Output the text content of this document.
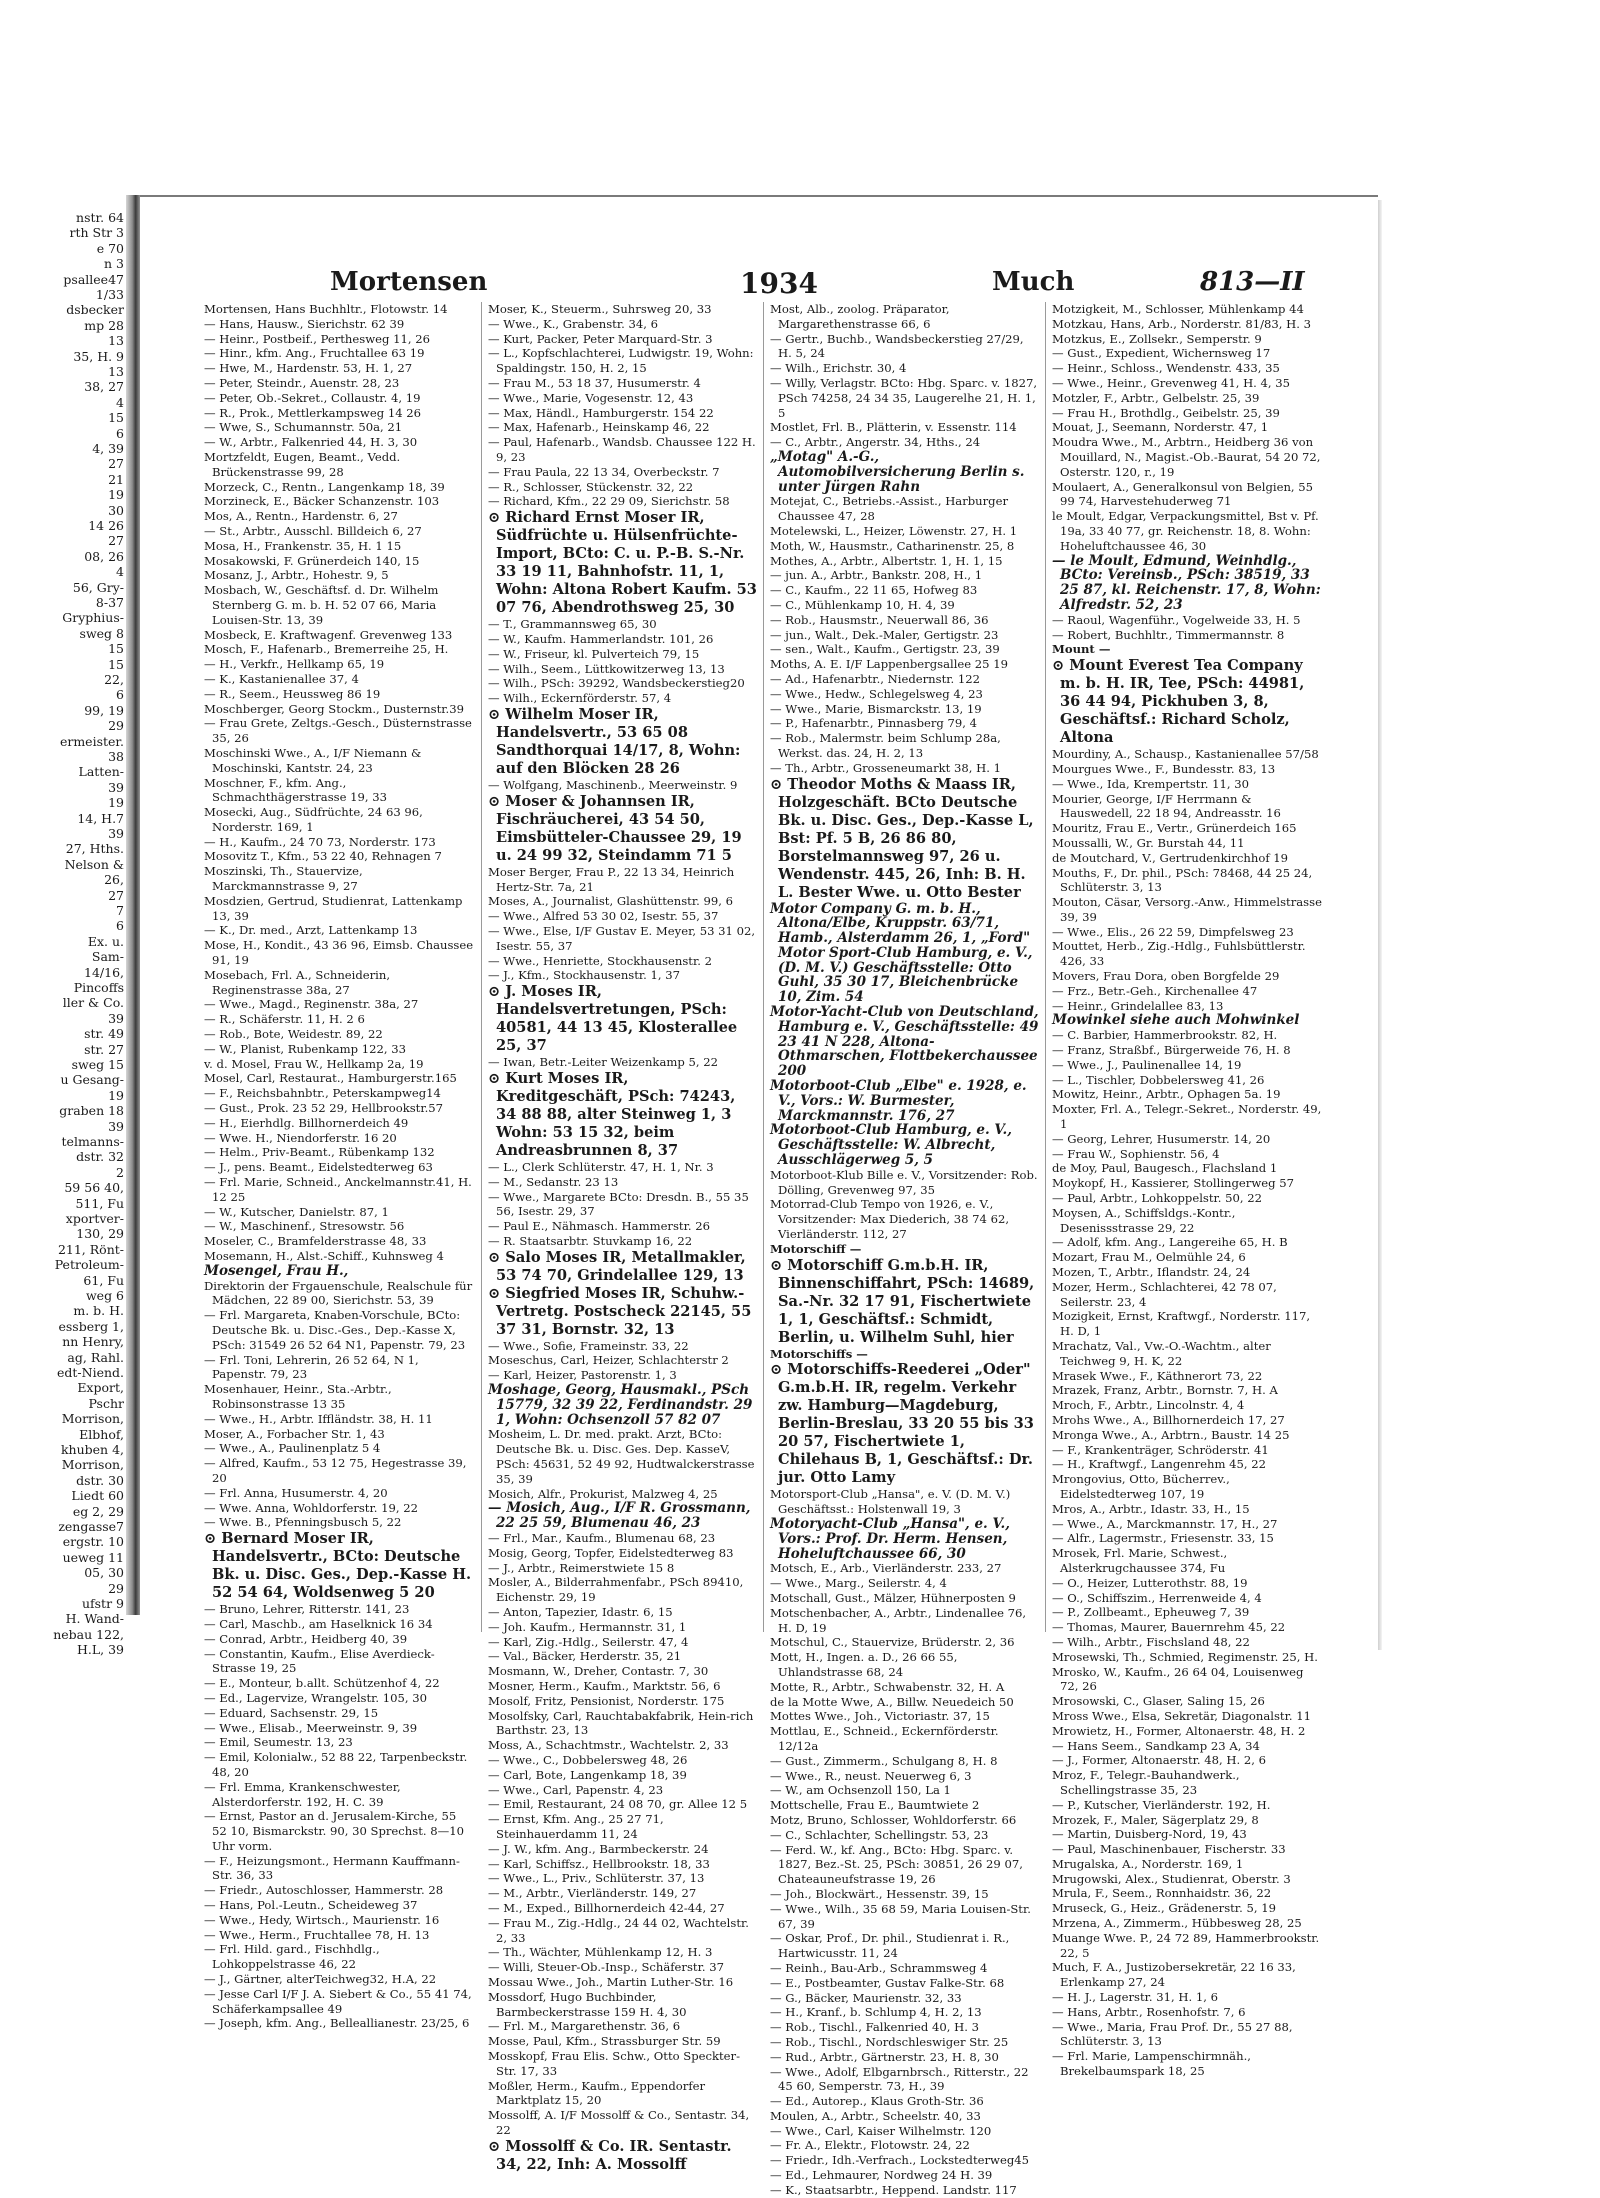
nstr. 64
rth Str 3
e 70
n 3
psalleе47
1/33
dsbecker
mp 28
13
35, H. 9
13
38, 27
4
15
6
4, 39
27
21
19
30
14 26
27
08, 26
4
56, Gry-
8-37
Gryphius-
sweg 8
15
15
22,
6
99, 19
29
ermeister.
38
Latten-
39
19
14, H.7
39
27, Hths.
Nelson &
26,
27
7
6
Ex. u.
Sam-
14/16,
Pincoffs
ller & Co.
39
str. 49
str. 27
sweg 15
u Gesang-
19
graben 18
39
telmanns-
dstr. 32
2
59 56 40,
511, Fu
xportver-
130, 29
211, Rönt-
Petroleum-
61, Fu
weg 6
m. b. H.
essberg 1,
nn Henry,
ag, Rahl.
edt-Niend.
Export,
Pschr
Morrison,
Elbhof,
khuben 4,
Morrison,
dstr. 30
Liedt 60
eg 2, 29
zengasse7
ergstr. 10
ueweg 11
05, 30
29
ufstr 9
H. Wand-
nebau 122,
H.L, 39
Mortensen	1934	Much	813—II

Mortensen, Hans Buchhltr., Flotowstr. 14

— Hans, Hausw., Sierichstr. 62 39

— Heinr., Postbeif., Perthesweg 11, 26

— Hinr., kfm. Ang., Fruchtallee 63 19

— Hwe, M., Hardenstr. 53, H. 1, 27

— Peter, Steindr., Auenstr. 28, 23

— Peter, Ob.-Sekret., Collaustr. 4, 19

— R., Prok., Mettlerkampsweg 14 26

— Wwe, S., Schumannstr. 50a, 21

— W., Arbtr., Falkenried 44, H. 3, 30

Mortzfeldt, Eugen, Beamt., Vedd. Brückenstrasse 99, 28

Morzeck, C., Rentn., Langenkamp 18, 39

Morzineck, E., Bäcker Schanzenstr. 103

Mos, A., Rentn., Hardenstr. 6, 27

— St., Arbtr., Ausschl. Billdeich 6, 27

Mosa, H., Frankenstr. 35, H. 1 15

Mosakowski, F. Grünerdeich 140, 15

Mosanz, J., Arbtr., Hohestr. 9, 5

Mosbach, W., Geschäftsf. d. Dr. Wilhelm Sternberg G. m. b. H. 52 07 66, Maria Louisen-Str. 13, 39

Mosbeck, E. Kraftwagenf. Grevenweg 133

Mosch, F., Hafenarb., Bremerreihe 25, H.

— H., Verkfr., Hellkamp 65, 19

— K., Kastanienallee 37, 4

— R., Seem., Heussweg 86 19

Moschberger, Georg Stockm., Dusternstr.39

— Frau Grete, Zeltgs.-Gesch., Düsternstrasse 35, 26

Moschinski Wwe., A., I/F Niemann & Moschinski, Kantstr. 24, 23

Moschner, F., kfm. Ang., Schmachthägerstrasse 19, 33

Mosecki, Aug., Südfrüchte, 24 63 96, Norderstr. 169, 1

— H., Kaufm., 24 70 73, Norderstr. 173

Mosovitz T., Kfm., 53 22 40, Rehnagen 7

Moszinski, Th., Stauervize, Marckmannstrasse 9, 27

Mosdzien, Gertrud, Studienrat, Lattenkamp 13, 39

— K., Dr. med., Arzt, Lattenkamp 13

Mose, H., Kondit., 43 36 96, Eimsb. Chaussee 91, 19

Mosebach, Frl. A., Schneiderin, Reginenstrasse 38a, 27

— Wwe., Magd., Reginenstr. 38a, 27

— R., Schäferstr. 11, H. 2 6

— Rob., Bote, Weidestr. 89, 22

— W., Planist, Rubenkamp 122, 33

v. d. Mosel, Frau W., Hellkamp 2a, 19

Mosel, Carl, Restaurat., Hamburgerstr.165

— F., Reichsbahnbtr., Peterskampweg14

— Gust., Prok. 23 52 29, Hellbrookstr.57

— H., Eierhdlg. Billhornerdeich 49

— Wwe. H., Niendorferstr. 16 20

— Helm., Priv-Beamt., Rübenkamp 132

— J., pens. Beamt., Eidelstedterweg 63

— Frl. Marie, Schneid., Anckelmannstr.41, H. 12 25

— W., Kutscher, Danielstr. 87, 1

— W., Maschinenf., Stresowstr. 56

Moseler, C., Bramfelderstrasse 48, 33

Mosemann, H., Alst.-Schiff., Kuhnsweg 4

Mosengel, Frau H.,

Direktorin der Frgauenschule, Realschule für Mädchen, 22 89 00, Sierichstr. 53, 39

— Frl. Margareta, Knaben-Vorschule, BCto: Deutsche Bk. u. Disc.-Ges., Dep.-Kasse X, PSch: 31549 26 52 64 N1, Papenstr. 79, 23

— Frl. Toni, Lehrerin, 26 52 64, N 1, Papenstr. 79, 23

Mosenhauer, Heinr., Sta.-Arbtr., Robinsonstrasse 13 35

— Wwe., H., Arbtr. Iffländstr. 38, H. 11

Moser, A., Forbacher Str. 1, 43

— Wwe., A., Paulinenplatz 5 4

— Alfred, Kaufm., 53 12 75, Hegestrasse 39, 20

— Frl. Anna, Husumerstr. 4, 20

— Wwe. Anna, Wohldorferstr. 19, 22

— Wwe. B., Pfenningsbusch 5, 22

⊙ Bernard Moser IR, Handelsvertr., BCto: Deutsche Bk. u. Disc. Ges., Dep.-Kasse H. 52 54 64, Woldsenweg 5 20

— Bruno, Lehrer, Ritterstr. 141, 23

— Carl, Maschb., am Haselknick 16 34

— Conrad, Arbtr., Heidberg 40, 39

— Constantin, Kaufm., Elise Averdieck-Strasse 19, 25

— E., Monteur, b.allt. Schützenhof 4, 22

— Ed., Lagervize, Wrangelstr. 105, 30

— Eduard, Sachsenstr. 29, 15

— Wwe., Elisab., Meerweinstr. 9, 39

— Emil, Seumestr. 13, 23

— Emil, Kolonialw., 52 88 22, Tarpenbeckstr. 48, 20

— Frl. Emma, Krankenschwester, Alsterdorferstr. 192, H. C. 39

— Ernst, Pastor an d. Jerusalem-Kirche, 55 52 10, Bismarckstr. 90, 30 Sprechst. 8—10 Uhr vorm.

— F., Heizungsmont., Hermann Kauffmann-Str. 36, 33

— Friedr., Autoschlosser, Hammerstr. 28

— Hans, Pol.-Leutn., Scheideweg 37

— Wwe., Hedy, Wirtsch., Maurienstr. 16

— Wwe., Herm., Fruchtallee 78, H. 13

— Frl. Hild. gard., Fischhdlg., Lohkoppelstrasse 46, 22

— J., Gärtner, alterTeichweg32, H.A, 22

— Jesse Carl I/F J. A. Siebert & Co., 55 41 74, Schäferkampsallee 49

— Joseph, kfm. Ang., Belleallianestr. 23/25, 6

Moser, K., Steuerm., Suhrsweg 20, 33

— Wwe., K., Grabenstr. 34, 6

— Kurt, Packer, Peter Marquard-Str. 3

— L., Kopfschlachterei, Ludwigstr. 19, Wohn: Spaldingstr. 150, H. 2, 15

— Frau M., 53 18 37, Husumerstr. 4

— Wwe., Marie, Vogesenstr. 12, 43

— Max, Händl., Hamburgerstr. 154 22

— Max, Hafenarb., Heinskamp 46, 22

— Paul, Hafenarb., Wandsb. Chaussee 122 H. 9, 23

— Frau Paula, 22 13 34, Overbeckstr. 7

— R., Schlosser, Stückenstr. 32, 22

— Richard, Kfm., 22 29 09, Sierichstr. 58

⊙ Richard Ernst Moser IR, Südfrüchte u. Hülsenfrüchte-Import, BCto: C. u. P.-B. S.-Nr. 33 19 11, Bahnhofstr. 11, 1, Wohn: Altona Robert Kaufm. 53 07 76, Abendrothsweg 25, 30

— T., Grammannsweg 65, 30

— W., Kaufm. Hammerlandstr. 101, 26

— W., Friseur, kl. Pulverteich 79, 15

— Wilh., Seem., Lüttkowitzerweg 13, 13

— Wilh., PSch: 39292, Wandsbeckerstieg20

— Wilh., Eckernförderstr. 57, 4

⊙ Wilhelm Moser IR, Handelsvertr., 53 65 08 Sandthorquai 14/17, 8, Wohn: auf den Blöcken 28 26

— Wolfgang, Maschinenb., Meerweinstr. 9

⊙ Moser & Johannsen IR, Fischräucherei, 43 54 50, Eimsbütteler-Chaussee 29, 19 u. 24 99 32, Steindamm 71 5

Moser Berger, Frau P., 22 13 34, Heinrich Hertz-Str. 7a, 21

Moses, A., Journalist, Glashüttenstr. 99, 6

— Wwe., Alfred 53 30 02, Isestr. 55, 37

— Wwe., Else, I/F Gustav E. Meyer, 53 31 02, Isestr. 55, 37

— Wwe., Henriette, Stockhausenstr. 2

— J., Kfm., Stockhausenstr. 1, 37

⊙ J. Moses IR, Handelsvertretungen, PSch: 40581, 44 13 45, Klosterallee 25, 37

— Iwan, Betr.-Leiter Weizenkamp 5, 22

⊙ Kurt Moses IR, Kreditgeschäft, PSch: 74243, 34 88 88, alter Steinweg 1, 3 Wohn: 53 15 32, beim Andreasbrunnen 8, 37

— L., Clerk Schlüterstr. 47, H. 1, Nr. 3

— M., Sedanstr. 23 13

— Wwe., Margarete BCto: Dresdn. B., 55 35 56, Isestr. 29, 37

— Paul E., Nähmasch. Hammerstr. 26

— R. Staatsarbtr. Stuvkamp 16, 22

⊙ Salo Moses IR, Metallmakler, 53 74 70, Grindelallee 129, 13

⊙ Siegfried Moses IR, Schuhw.-Vertretg. Postscheck 22145, 55 37 31, Bornstr. 32, 13

— Wwe., Sofie, Frameinstr. 33, 22

Moseschus, Carl, Heizer, Schlachterstr 2

— Karl, Heizer, Pastorenstr. 1, 3

Moshage, Georg, Hausmakl., PSch 15779, 32 39 22, Ferdinandstr. 29 1, Wohn: Ochsenzoll 57 82 07

Mosheim, L. Dr. med. prakt. Arzt, BCto: Deutsche Bk. u. Disc. Ges. Dep. KasseV, PSch: 45631, 52 49 92, Hudtwalckerstrasse 35, 39

Mosich, Alfr., Prokurist, Malzweg 4, 25

— Mosich, Aug., I/F R. Grossmann, 22 25 59, Blumenau 46, 23

— Frl., Mar., Kaufm., Blumenau 68, 23

Mosig, Georg, Topfer, Eidelstedterweg 83

— J., Arbtr., Reimerstwiete 15 8

Mosler, A., Bilderrahmenfabr., PSch 89410, Eichenstr. 29, 19

— Anton, Tapezier, Idastr. 6, 15

— Joh. Kaufm., Hermannstr. 31, 1

— Karl, Zig.-Hdlg., Seilerstr. 47, 4

— Val., Bäcker, Herderstr. 35, 21

Mosmann, W., Dreher, Contastr. 7, 30

Mosner, Herm., Kaufm., Marktstr. 56, 6

Mosolf, Fritz, Pensionist, Norderstr. 175

Mosolfsky, Carl, Rauchtabakfabrik, Hein-rich Barthstr. 23, 13

Moss, A., Schachtmstr., Wachtelstr. 2, 33

— Wwe., C., Dobbelersweg 48, 26

— Carl, Bote, Langenkamp 18, 39

— Wwe., Carl, Papenstr. 4, 23

— Emil, Restaurant, 24 08 70, gr. Allee 12 5

— Ernst, Kfm. Ang., 25 27 71, Steinhauerdamm 11, 24

— J. W., kfm. Ang., Barmbeckerstr. 24

— Karl, Schiffsz., Hellbrookstr. 18, 33

— Wwe., L., Priv., Schlüterstr. 37, 13

— M., Arbtr., Vierländerstr. 149, 27

— M., Exped., Billhornerdeich 42-44, 27

— Frau M., Zig.-Hdlg., 24 44 02, Wachtelstr. 2, 33

— Th., Wächter, Mühlenkamp 12, H. 3

— Willi, Steuer-Ob.-Insp., Schäferstr. 37

Mossau Wwe., Joh., Martin Luther-Str. 16

Mossdorf, Hugo Buchbinder, Barmbeckerstrasse 159 H. 4, 30

— Frl. M., Margarethenstr. 36, 6

Mosse, Paul, Kfm., Strassburger Str. 59

Mosskopf, Frau Elis. Schw., Otto Speckter-Str. 17, 33

Moßler, Herm., Kaufm., Eppendorfer Marktplatz 15, 20

Mossolff, A. I/F Mossolff & Co., Sentastr. 34, 22

⊙ Mossolff & Co. IR. Sentastr. 34, 22, Inh: A. Mossolff

Most, Alb., zoolog. Präparator, Margarethenstrasse 66, 6

— Gertr., Buchb., Wandsbeckerstieg 27/29, H. 5, 24

— Wilh., Erichstr. 30, 4

— Willy, Verlagstr. BCto: Hbg. Sparc. v. 1827, PSch 74258, 24 34 35, Laugerelhe 21, H. 1, 5

Mostlet, Frl. B., Plätterin, v. Essenstr. 114

— C., Arbtr., Angerstr. 34, Hths., 24

„Motag" A.-G., Automobilversicherung Berlin s. unter Jürgen Rahn

Motejat, C., Betriebs.-Assist., Harburger Chaussee 47, 28

Motelewski, L., Heizer, Löwenstr. 27, H. 1

Moth, W., Hausmstr., Catharinenstr. 25, 8

Mothes, A., Arbtr., Albertstr. 1, H. 1, 15

— jun. A., Arbtr., Bankstr. 208, H., 1

— C., Kaufm., 22 11 65, Hofweg 83

— C., Mühlenkamp 10, H. 4, 39

— Rob., Hausmstr., Neuerwall 86, 36

— jun., Walt., Dek.-Maler, Gertigstr. 23

— sen., Walt., Kaufm., Gertigstr. 23, 39

Moths, A. E. I/F Lappenbergsallee 25 19

— Ad., Hafenarbtr., Niedernstr. 122

— Wwe., Hedw., Schlegelsweg 4, 23

— Wwe., Marie, Bismarckstr. 13, 19

— P., Hafenarbtr., Pinnasberg 79, 4

— Rob., Malermstr. beim Schlump 28a, Werkst. das. 24, H. 2, 13

— Th., Arbtr., Grosseneumarkt 38, H. 1

⊙ Theodor Moths & Maass IR, Holzgeschäft. BCto Deutsche Bk. u. Disc. Ges., Dep.-Kasse L, Bst: Pf. 5 B, 26 86 80, Borstelmannsweg 97, 26 u. Wendenstr. 445, 26, Inh: B. H. L. Bester Wwe. u. Otto Bester

Motor Company G. m. b. H., Altona/Elbe, Kruppstr. 63/71, Hamb., Alsterdamm 26, 1, „Ford" Motor Sport-Club Hamburg, e. V., (D. M. V.) Geschäftsstelle: Otto Guhl, 35 30 17, Bleichenbrücke 10, Zim. 54

Motor-Yacht-Club von Deutschland, Hamburg e. V., Geschäftsstelle: 49 23 41 N 228, Altona-Othmarschen, Flottbekerchaussee 200

Motorboot-Club „Elbe" e. 1928, e. V., Vors.: W. Burmester, Marckmannstr. 176, 27

Motorboot-Club Hamburg, e. V., Geschäftsstelle: W. Albrecht, Ausschlägerweg 5, 5

Motorboot-Klub Bille e. V., Vorsitzender: Rob. Dölling, Grevenweg 97, 35

Motorrad-Club Tempo von 1926, e. V., Vorsitzender: Max Diederich, 38 74 62, Vierländerstr. 112, 27

Motorschiff —

⊙ Motorschiff G.m.b.H. IR, Binnenschiffahrt, PSch: 14689, Sa.-Nr. 32 17 91, Fischertwiete 1, 1, Geschäftsf.: Schmidt, Berlin, u. Wilhelm Suhl, hier

Motorschiffs —

⊙ Motorschiffs-Reederei „Oder" G.m.b.H. IR, regelm. Verkehr zw. Hamburg—Magdeburg, Berlin-Breslau, 33 20 55 bis 33 20 57, Fischertwiete 1, Chilehaus B, 1, Geschäftsf.: Dr. jur. Otto Lamy

Motorsport-Club „Hansa", e. V. (D. M. V.) Geschäftsst.: Holstenwall 19, 3

Motoryacht-Club „Hansa", e. V., Vors.: Prof. Dr. Herm. Hensen, Hoheluftchaussee 66, 30

Motsch, E., Arb., Vierländerstr. 233, 27

— Wwe., Marg., Seilerstr. 4, 4

Motschall, Gust., Mälzer, Hühnerposten 9

Motschenbacher, A., Arbtr., Lindenallee 76, H. D, 19

Motschul, C., Stauervize, Brüderstr. 2, 36

Mott, H., Ingen. a. D., 26 66 55, Uhlandstrasse 68, 24

Motte, R., Arbtr., Schwabenstr. 32, H. A

de la Motte Wwe, A., Billw. Neuedeich 50

Mottes Wwe., Joh., Victoriastr. 37, 15

Mottlau, E., Schneid., Eckernförderstr. 12/12a

— Gust., Zimmerm., Schulgang 8, H. 8

— Wwe., R., neust. Neuerweg 6, 3

— W., am Ochsenzoll 150, La 1

Mottschelle, Frau E., Baumtwiete 2

Motz, Bruno, Schlosser, Wohldorferstr. 66

— C., Schlachter, Schellingstr. 53, 23

— Ferd. W., kf. Ang., BCto: Hbg. Sparc. v. 1827, Bez.-St. 25, PSch: 30851, 26 29 07, Chateauneufstrasse 19, 26

— Joh., Blockwärt., Hessenstr. 39, 15

— Wwe., Wilh., 35 68 59, Maria Louisen-Str. 67, 39

— Oskar, Prof., Dr. phil., Studienrat i. R., Hartwicusstr. 11, 24

— Reinh., Bau-Arb., Schrammsweg 4

— E., Postbeamter, Gustav Falke-Str. 68

— G., Bäcker, Maurienstr. 32, 33

— H., Kranf., b. Schlump 4, H. 2, 13

— Rob., Tischl., Falkenried 40, H. 3

— Rob., Tischl., Nordschleswiger Str. 25

— Rud., Arbtr., Gärtnerstr. 23, H. 8, 30

— Wwe., Adolf, Elbgarnbrsch., Ritterstr., 22 45 60, Semperstr. 73, H., 39

— Ed., Autorep., Klaus Groth-Str. 36

Moulen, A., Arbtr., Scheelstr. 40, 33

— Wwe., Carl, Kaiser Wilhelmstr. 120

— Fr. A., Elektr., Flotowstr. 24, 22

— Friedr., Idh.-Verfrach., Lockstedterweg45

— Ed., Lehmaurer, Nordweg 24 H. 39

— K., Staatsarbtr., Heppend. Landstr. 117

Motzigkeit, M., Schlosser, Mühlenkamp 44

Motzkau, Hans, Arb., Norderstr. 81/83, H. 3

Motzkus, E., Zollsekr., Semperstr. 9

— Gust., Expedient, Wichernsweg 17

— Heinr., Schloss., Wendenstr. 433, 35

— Wwe., Heinr., Grevenweg 41, H. 4, 35

Motzler, F., Arbtr., Gelbelstr. 25, 39

— Frau H., Brothdlg., Geibelstr. 25, 39

Mouat, J., Seemann, Norderstr. 47, 1

Moudra Wwe., M., Arbtrn., Heidberg 36 von Mouillard, N., Magist.-Ob.-Baurat, 54 20 72, Osterstr. 120, r., 19

Moulaert, A., Generalkonsul von Belgien, 55 99 74, Harvestehuderweg 71

le Moult, Edgar, Verpackungsmittel, Bst v. Pf. 19a, 33 40 77, gr. Reichenstr. 18, 8. Wohn: Hoheluftchaussee 46, 30

— le Moult, Edmund, Weinhdlg., BCto: Vereinsb., PSch: 38519, 33 25 87, kl. Reichenstr. 17, 8, Wohn: Alfredstr. 52, 23

— Raoul, Wagenführ., Vogelweide 33, H. 5

— Robert, Buchhltr., Timmermannstr. 8

Mount —

⊙ Mount Everest Tea Company m. b. H. IR, Tee, PSch: 44981, 36 44 94, Pickhuben 3, 8, Geschäftsf.: Richard Scholz, Altona

Mourdiny, A., Schausp., Kastanienallee 57/58

Mourgues Wwe., F., Bundesstr. 83, 13

— Wwe., Ida, Krempertstr. 11, 30

Mourier, George, I/F Herrmann & Hauswedell, 22 18 94, Andreasstr. 16

Mouritz, Frau E., Vertr., Grünerdeich 165

Moussalli, W., Gr. Burstah 44, 11

de Moutchard, V., Gertrudenkirchhof 19

Mouths, F., Dr. phil., PSch: 78468, 44 25 24, Schlüterstr. 3, 13

Mouton, Cäsar, Versorg.-Anw., Himmelstrasse 39, 39

— Wwe., Elis., 26 22 59, Dimpfelsweg 23

Mouttet, Herb., Zig.-Hdlg., Fuhlsbüttlerstr. 426, 33

Movers, Frau Dora, oben Borgfelde 29

— Frz., Betr.-Geh., Kirchenallee 47

— Heinr., Grindelallee 83, 13

Mowinkel siehe auch Mohwinkel

— C. Barbier, Hammerbrookstr. 82, H.

— Franz, Straßbf., Bürgerweide 76, H. 8

— Wwe., J., Paulinenallee 14, 19

— L., Tischler, Dobbelersweg 41, 26

Mowitz, Heinr., Arbtr., Ophagen 5a. 19

Moxter, Frl. A., Telegr.-Sekret., Norderstr. 49, 1

— Georg, Lehrer, Husumerstr. 14, 20

— Frau W., Sophienstr. 56, 4

de Moy, Paul, Baugesch., Flachsland 1

Moykopf, H., Kassierer, Stollingerweg 57

— Paul, Arbtr., Lohkoppelstr. 50, 22

Moysen, A., Schiffsldgs.-Kontr., Desenissstrasse 29, 22

— Adolf, kfm. Ang., Langereihe 65, H. B

Mozart, Frau M., Oelmühle 24, 6

Mozen, T., Arbtr., Iflandstr. 24, 24

Mozer, Herm., Schlachterei, 42 78 07, Seilerstr. 23, 4

Mozigkeit, Ernst, Kraftwgf., Norderstr. 117, H. D, 1

Mrachatz, Val., Vw.-O.-Wachtm., alter Teichweg 9, H. K, 22

Mrasek Wwe., F., Käthnerort 73, 22

Mrazek, Franz, Arbtr., Bornstr. 7, H. A

Mroch, F., Arbtr., Lincolnstr. 4, 4

Mrohs Wwe., A., Billhornerdeich 17, 27

Mronga Wwe., A., Arbtrn., Baustr. 14 25

— F., Krankenträger, Schröderstr. 41

— H., Kraftwgf., Langenrehm 45, 22

Mrongovius, Otto, Bücherrev., Eidelstedterweg 107, 19

Mros, A., Arbtr., Idastr. 33, H., 15

— Wwe., A., Marckmannstr. 17, H., 27

— Alfr., Lagermstr., Friesenstr. 33, 15

Mrosek, Frl. Marie, Schwest., Alsterkrugchaussee 374, Fu

— O., Heizer, Lutterothstr. 88, 19

— O., Schiffszim., Herrenweide 4, 4

— P., Zollbeamt., Epheuweg 7, 39

— Thomas, Maurer, Bauernrehm 45, 22

— Wilh., Arbtr., Fischsland 48, 22

Mrosewski, Th., Schmied, Regimenstr. 25, H.

Mrosko, W., Kaufm., 26 64 04, Louisenweg 72, 26

Mrosowski, C., Glaser, Saling 15, 26

Mross Wwe., Elsa, Sekretär, Diagonalstr. 11

Mrowietz, H., Former, Altonaerstr. 48, H. 2

— Hans Seem., Sandkamp 23 A, 34

— J., Former, Altonaerstr. 48, H. 2, 6

Mroz, F., Telegr.-Bauhandwerk., Schellingstrasse 35, 23

— P., Kutscher, Vierländerstr. 192, H.

Mrozek, F., Maler, Sägerplatz 29, 8

— Martin, Duisberg-Nord, 19, 43

— Paul, Maschinenbauer, Fischerstr. 33

Mrugalska, A., Norderstr. 169, 1

Mrugowski, Alex., Studienrat, Oberstr. 3

Mrula, F., Seem., Ronnhaidstr. 36, 22

Mruseck, G., Heiz., Grädenerstr. 5, 19

Mrzena, A., Zimmerm., Hübbesweg 28, 25

Muange Wwe. P., 24 72 89, Hammerbrookstr. 22, 5

Much, F. A., Justizobersekretär, 22 16 33, Erlenkamp 27, 24

— H. J., Lagerstr. 31, H. 1, 6

— Hans, Arbtr., Rosenhofstr. 7, 6

— Wwe., Maria, Frau Prof. Dr., 55 27 88, Schlüterstr. 3, 13

— Frl. Marie, Lampenschirmnäh., Brekelbaumspark 18, 25
